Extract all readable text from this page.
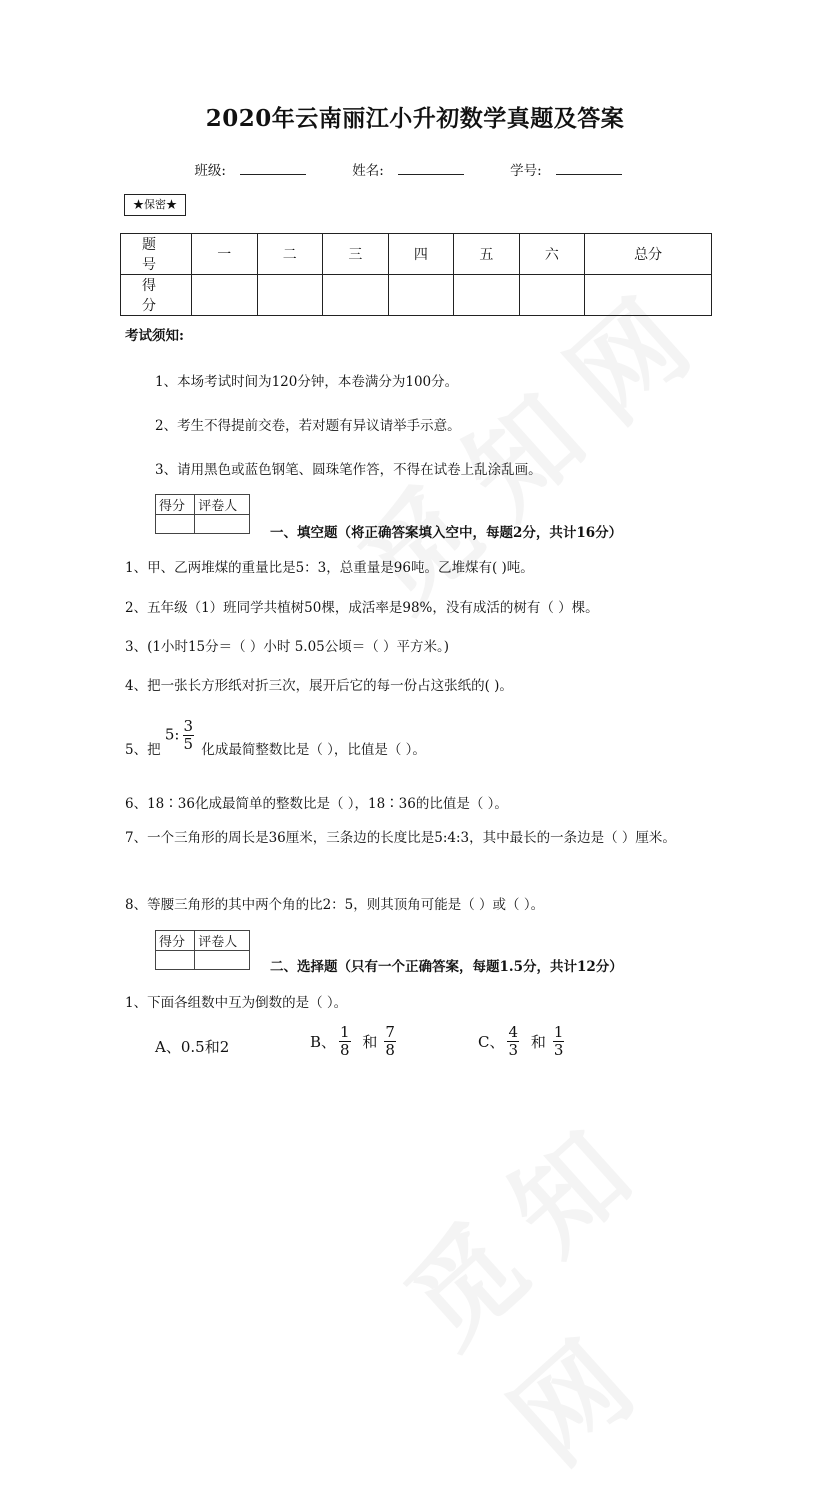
2020年云南丽江小升初数学真题及答案
班级:	姓名:	学号:
★保密★
题 号	一	二	三	四	五	六	总分
得 分							
考试须知:
1、本场考试时间为120分钟，本卷满分为100分。
2、考生不得提前交卷，若对题有异议请举手示意。
3、请用黑色或蓝色钢笔、圆珠笔作答，不得在试卷上乱涂乱画。
得分	评卷人

一、填空题（将正确答案填入空中，每题2分，共计16分）
1、甲、乙两堆煤的重量比是5：3，总重量是96吨。乙堆煤有( )吨。
2、五年级（1）班同学共植树50棵，成活率是98%，没有成活的树有（ ）棵。
3、(1小时15分＝（ ）小时 5.05公顷＝（ ）平方米。)
4、把一张长方形纸对折三次，展开后它的每一份占这张纸的( )。
5、把 5: $\frac{3}{5}$ 化成最简整数比是（ ），比值是（ ）。
6、18∶36化成最简单的整数比是（ ），18∶36的比值是（ ）。
7、一个三角形的周长是36厘米，三条边的长度比是5:4:3，其中最长的一条边是（ ）厘米。
8、等腰三角形的其中两个角的比2：5，则其顶角可能是（ ）或（ ）。
得分	评卷人

二、选择题（只有一个正确答案，每题1.5分，共计12分）
1、下面各组数中互为倒数的是（ ）。
A、0.5和2	B、 $\frac{1}{8}$ 和 $\frac{7}{8}$	C、 $\frac{4}{3}$ 和 $\frac{1}{3}$
